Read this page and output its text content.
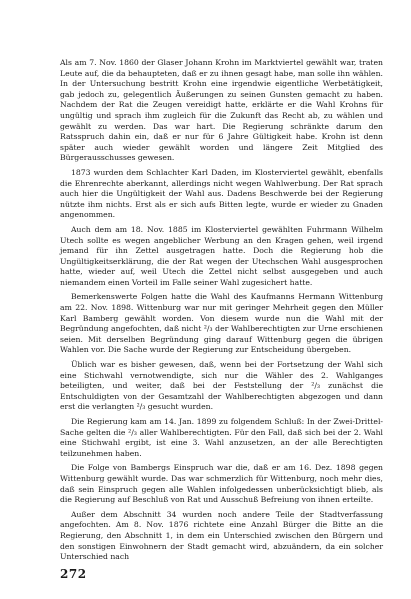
Als am 7. Nov. 1860 der Glaser Johann Krohn im Marktviertel gewählt war, traten Leute auf, die da behaupteten, daß er zu ihnen gesagt habe, man solle ihn wählen. In der Untersuchung bestritt Krohn eine irgendwie eigentliche Werbetätigkeit, gab jedoch zu, gelegentlich Äußerungen zu seinen Gunsten gemacht zu haben. Nachdem der Rat die Zeugen vereidigt hatte, erklärte er die Wahl Krohns für ungültig und sprach ihm zugleich für die Zukunft das Recht ab, zu wählen und gewählt zu werden. Das war hart. Die Regierung schränkte darum den Ratsspruch dahin ein, daß er nur für 6 Jahre Gültigkeit habe. Krohn ist denn später auch wieder gewählt worden und längere Zeit Mitglied des Bürgerausschusses gewesen.

1873 wurden dem Schlachter Karl Daden, im Klosterviertel gewählt, ebenfalls die Ehrenrechte aberkannt, allerdings nicht wegen Wahlwerbung. Der Rat sprach auch hier die Ungültigkeit der Wahl aus. Dadens Beschwerde bei der Regierung nützte ihm nichts. Erst als er sich aufs Bitten legte, wurde er wieder zu Gnaden angenommen.

Auch dem am 18. Nov. 1885 im Klosterviertel gewählten Fuhrmann Wilhelm Utech sollte es wegen angeblicher Werbung an den Kragen gehen, weil irgend jemand für ihn Zettel ausgetragen hatte. Doch die Regierung hob die Ungültigkeitserklärung, die der Rat wegen der Utechschen Wahl ausgesprochen hatte, wieder auf, weil Utech die Zettel nicht selbst ausgegeben und auch niemandem einen Vorteil im Falle seiner Wahl zugesichert hatte.

Bemerkenswerte Folgen hatte die Wahl des Kaufmanns Hermann Wittenburg am 22. Nov. 1898. Wittenburg war nur mit geringer Mehrheit gegen den Müller Karl Bamberg gewählt worden. Von diesem wurde nun die Wahl mit der Begründung angefochten, daß nicht ²/₃ der Wahlberechtigten zur Urne erschienen seien. Mit derselben Begründung ging darauf Wittenburg gegen die übrigen Wahlen vor. Die Sache wurde der Regierung zur Entscheidung übergeben.

Üblich war es bisher gewesen, daß, wenn bei der Fortsetzung der Wahl sich eine Stichwahl vernotwendigte, sich nur die Wähler des 2. Wahlganges beteiligten, und weiter, daß bei der Feststellung der ²/₃ zunächst die Entschuldigten von der Gesamtzahl der Wahlberechtigten abgezogen und dann erst die verlangten ²/₃ gesucht wurden.

Die Regierung kam am 14. Jan. 1899 zu folgendem Schluß: In der Zwei-Drittel-Sache gelten die ²/₃ aller Wahlberechtigten. Für den Fall, daß sich bei der 2. Wahl eine Stichwahl ergibt, ist eine 3. Wahl anzusetzen, an der alle Berechtigten teilzunehmen haben.

Die Folge von Bambergs Einspruch war die, daß er am 16. Dez. 1898 gegen Wittenburg gewählt wurde. Das war schmerzlich für Wittenburg, noch mehr dies, daß sein Einspruch gegen alle Wahlen infolgedessen unberücksichtigt blieb, als die Regierung auf Beschluß von Rat und Ausschuß Befreiung von ihnen erteilte.

Außer dem Abschnitt 34 wurden noch andere Teile der Stadtverfassung angefochten. Am 8. Nov. 1876 richtete eine Anzahl Bürger die Bitte an die Regierung, den Abschnitt 1, in dem ein Unterschied zwischen den Bürgern und den sonstigen Einwohnern der Stadt gemacht wird, abzuändern, da ein solcher Unterschied nach

272
